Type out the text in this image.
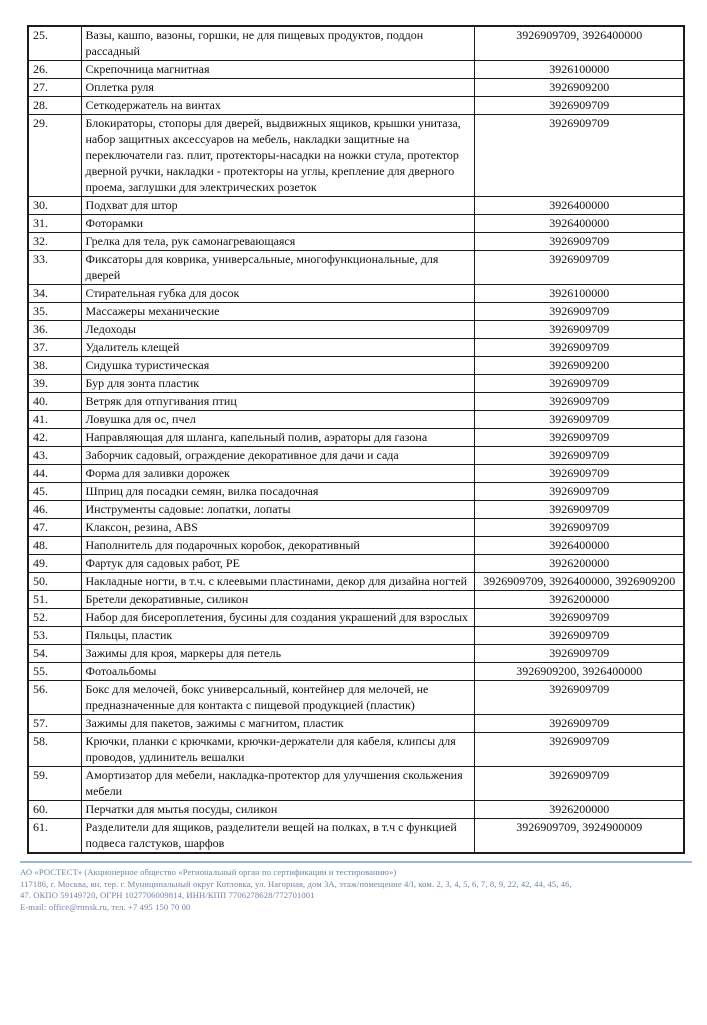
25.	Вазы, кашпо, вазоны, горшки, не для пищевых продуктов, поддон рассадный	3926909709, 3926400000
26.	Скрепочница магнитная	3926100000
27.	Оплетка руля	3926909200
28.	Сеткодержатель на винтах	3926909709
29.	Блокираторы, стопоры для дверей, выдвижных ящиков, крышки унитаза, набор защитных аксессуаров на мебель, накладки защитные на переключатели газ. плит, протекторы-насадки на ножки стула, протектор дверной ручки, накладки - протекторы на углы, крепление для дверного проема, заглушки для электрических розеток	3926909709
30.	Подхват для штор	3926400000
31.	Фоторамки	3926400000
32.	Грелка для тела, рук самонагревающаяся	3926909709
33.	Фиксаторы для коврика, универсальные, многофункциональные, для дверей	3926909709
34.	Стирательная губка для досок	3926100000
35.	Массажеры механические	3926909709
36.	Ледоходы	3926909709
37.	Удалитель клещей	3926909709
38.	Сидушка туристическая	3926909200
39.	Бур для зонта пластик	3926909709
40.	Ветряк для отпугивания птиц	3926909709
41.	Ловушка для ос, пчел	3926909709
42.	Направляющая для шланга, капельный полив, аэраторы для газона	3926909709
43.	Заборчик садовый, ограждение декоративное для дачи и сада	3926909709
44.	Форма для заливки дорожек	3926909709
45.	Шприц для посадки семян, вилка посадочная	3926909709
46.	Инструменты садовые: лопатки, лопаты	3926909709
47.	Клаксон, резина, ABS	3926909709
48.	Наполнитель для подарочных коробок, декоративный	3926400000
49.	Фартук для садовых работ, PE	3926200000
50.	Накладные ногти, в т.ч. с клеевыми пластинами, декор для дизайна ногтей	3926909709, 3926400000, 3926909200
51.	Бретели декоративные, силикон	3926200000
52.	Набор для бисероплетения, бусины для создания украшений для взрослых	3926909709
53.	Пяльцы, пластик	3926909709
54.	Зажимы для кроя, маркеры для петель	3926909709
55.	Фотоальбомы	3926909200, 3926400000
56.	Бокс для мелочей, бокс универсальный, контейнер для мелочей, не предназначенные для контакта с пищевой продукцией (пластик)	3926909709
57.	Зажимы для пакетов, зажимы с магнитом, пластик	3926909709
58.	Крючки, планки с крючками, крючки-держатели для кабеля, клипсы для проводов, удлинитель вешалки	3926909709
59.	Амортизатор для мебели, накладка-протектор для улучшения скольжения мебели	3926909709
60.	Перчатки для мытья посуды, силикон	3926200000
61.	Разделители для ящиков, разделители вещей на полках, в т.ч с функцией подвеса галстуков, шарфов	3926909709, 3924900009
АО «РОСТЕСТ» (Акционерное общество «Региональный орган по сертификации и тестированию»)
117186, г. Москва, вн. тер. г. Муниципальный округ Котловка, ул. Нагорная, дом 3А, этаж/помещение 4/I, ком. 2, 3, 4, 5, 6, 7, 8, 9, 22, 42, 44, 45, 46,
47. ОКПО 59149720, ОГРН 1027706009814, ИНН/КПП 7706278628/772701001
E-mail: office@rtmsk.ru, тел. +7 495 150 70 00
